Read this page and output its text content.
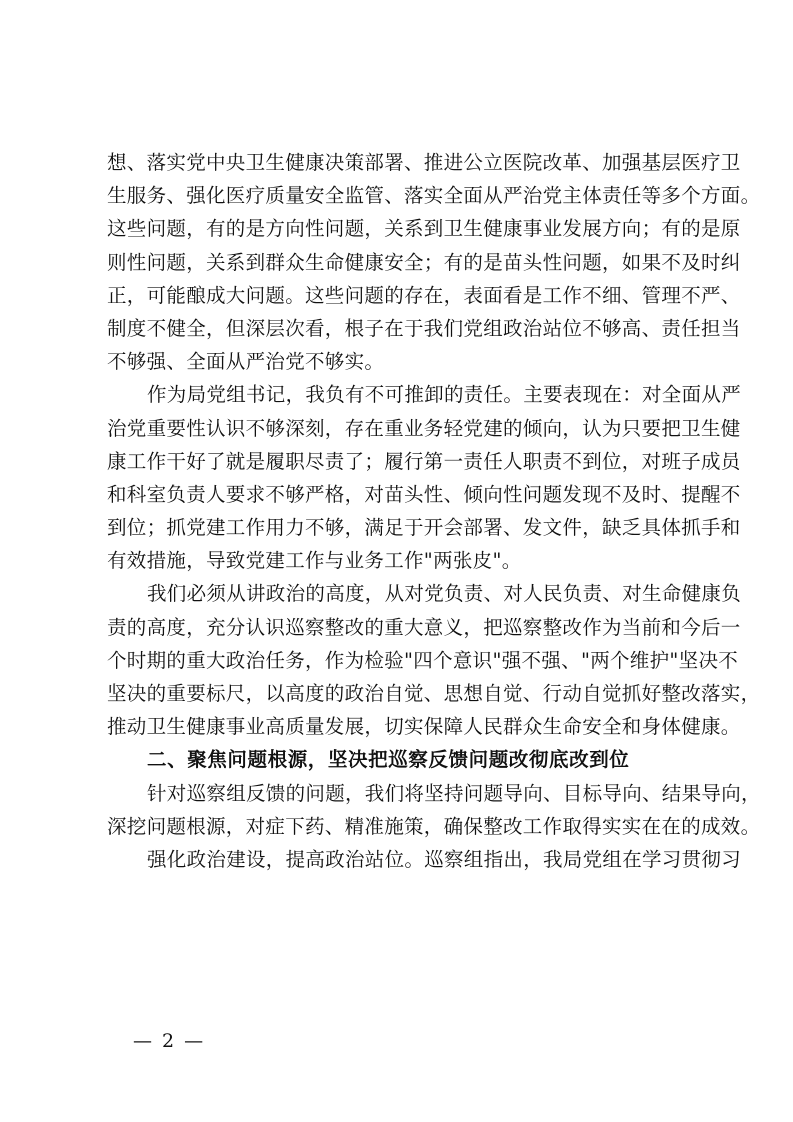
想、落实党中央卫生健康决策部署、推进公立医院改革、加强基层医疗卫
生服务、强化医疗质量安全监管、落实全面从严治党主体责任等多个方面。
这些问题，有的是方向性问题，关系到卫生健康事业发展方向；有的是原
则性问题，关系到群众生命健康安全；有的是苗头性问题，如果不及时纠
正，可能酿成大问题。这些问题的存在，表面看是工作不细、管理不严、
制度不健全，但深层次看，根子在于我们党组政治站位不够高、责任担当
不够强、全面从严治党不够实。
作为局党组书记，我负有不可推卸的责任。主要表现在：对全面从严
治党重要性认识不够深刻，存在重业务轻党建的倾向，认为只要把卫生健
康工作干好了就是履职尽责了；履行第一责任人职责不到位，对班子成员
和科室负责人要求不够严格，对苗头性、倾向性问题发现不及时、提醒不
到位；抓党建工作用力不够，满足于开会部署、发文件，缺乏具体抓手和
有效措施，导致党建工作与业务工作"两张皮"。
我们必须从讲政治的高度，从对党负责、对人民负责、对生命健康负
责的高度，充分认识巡察整改的重大意义，把巡察整改作为当前和今后一
个时期的重大政治任务，作为检验"四个意识"强不强、"两个维护"坚决不
坚决的重要标尺，以高度的政治自觉、思想自觉、行动自觉抓好整改落实，
推动卫生健康事业高质量发展，切实保障人民群众生命安全和身体健康。
二、聚焦问题根源，坚决把巡察反馈问题改彻底改到位
针对巡察组反馈的问题，我们将坚持问题导向、目标导向、结果导向，
深挖问题根源，对症下药、精准施策，确保整改工作取得实实在在的成效。
强化政治建设，提高政治站位。巡察组指出，我局党组在学习贯彻习
— 2 —
